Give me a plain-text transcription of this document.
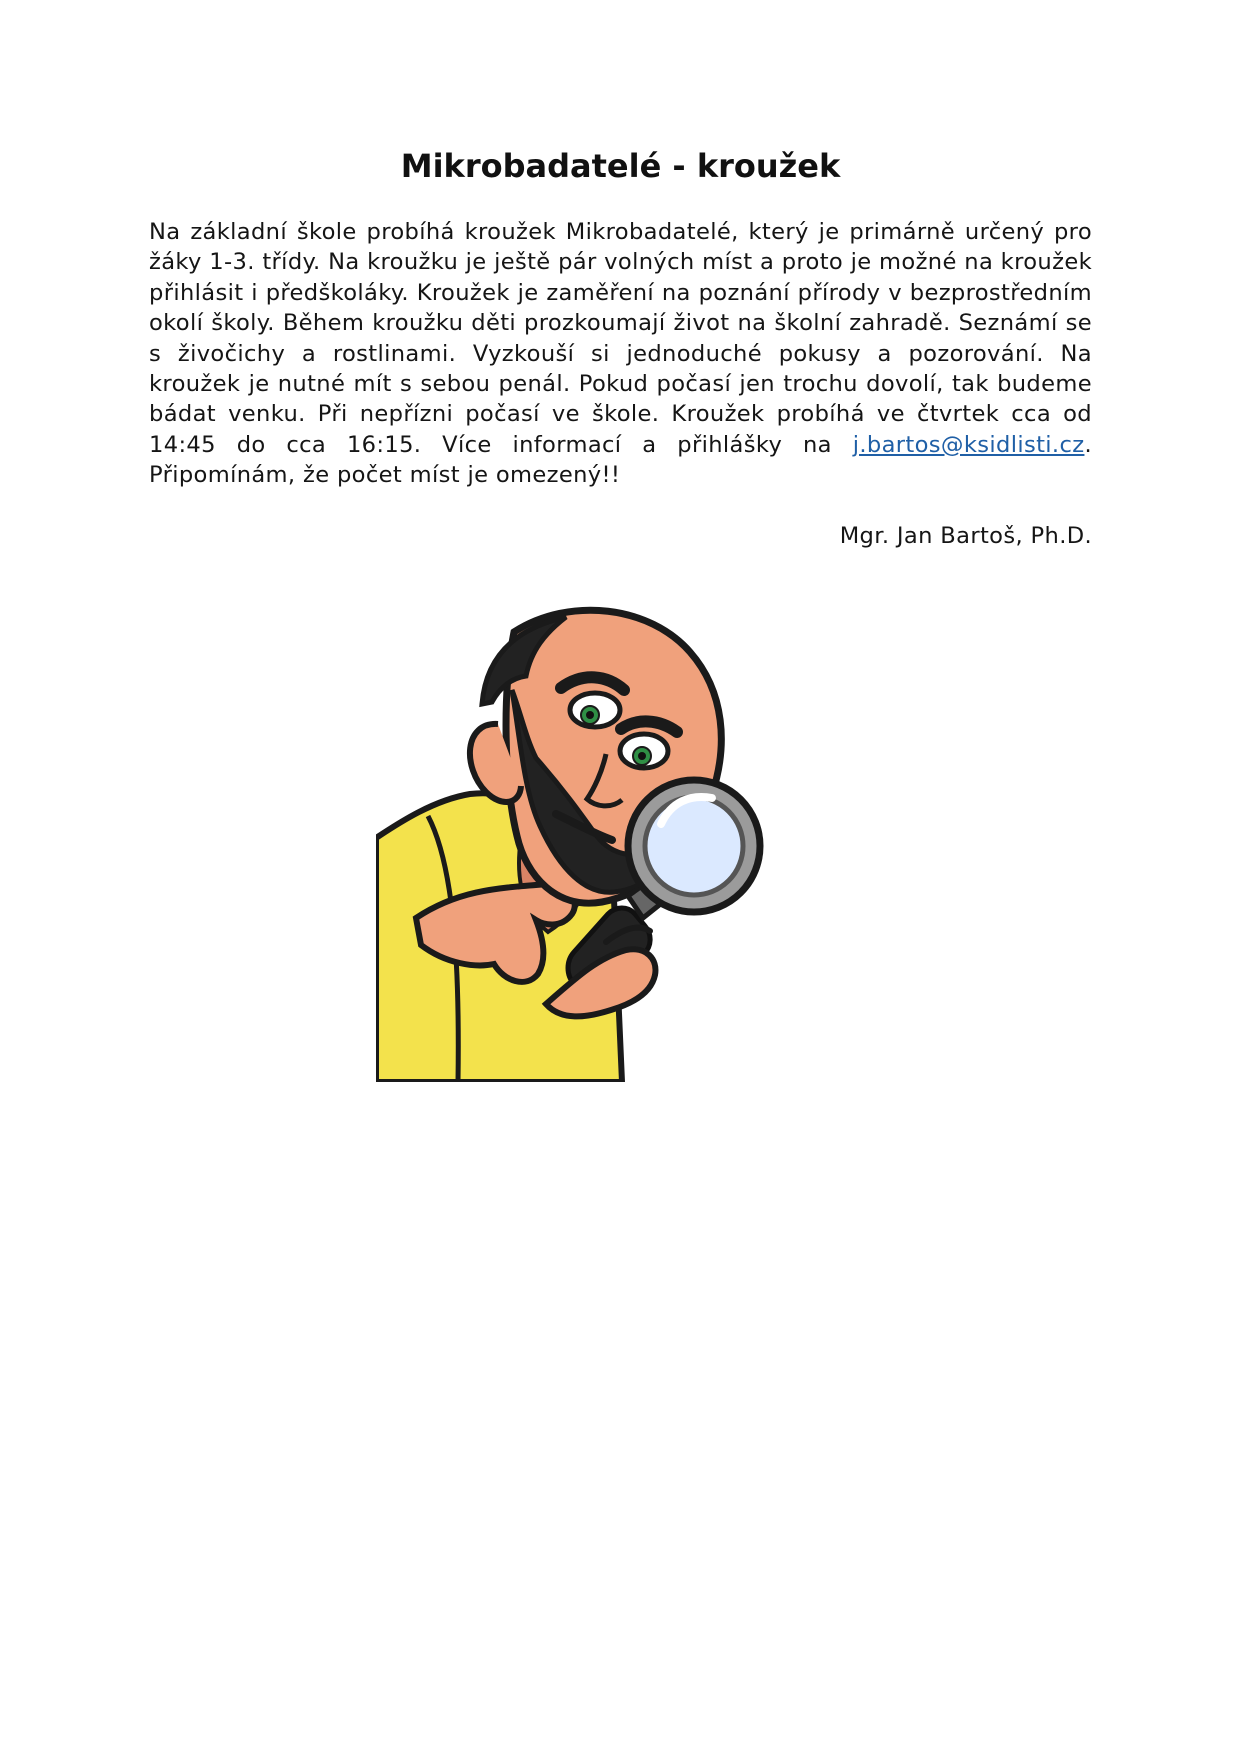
Mikrobadatelé - kroužek

Na základní škole probíhá kroužek Mikrobadatelé, který je primárně určený pro žáky 1-3. třídy. Na kroužku je ještě pár volných míst a proto je možné na kroužek přihlásit i předškoláky. Kroužek je zaměření na poznání přírody v bezprostředním okolí školy. Během kroužku děti prozkoumají život na školní zahradě. Seznámí se s živočichy a rostlinami. Vyzkouší si jednoduché pokusy a pozorování. Na kroužek je nutné mít s sebou penál. Pokud počasí jen trochu dovolí, tak budeme bádat venku. Při nepřízni počasí ve škole. Kroužek probíhá ve čtvrtek cca od 14:45 do cca 16:15. Více informací a přihlášky na j.bartos@ksidlisti.cz. Připomínám, že počet míst je omezený!!

Mgr. Jan Bartoš, Ph.D.
